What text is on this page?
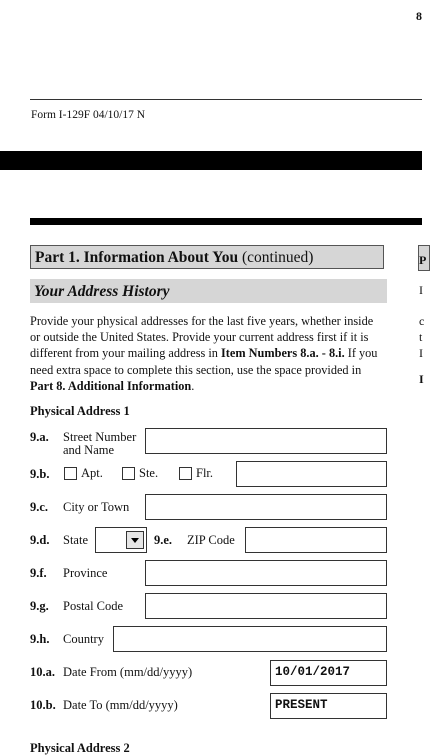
8
Form I-129F 04/10/17 N
Part 1. Information About You (continued)
Your Address History
Provide your physical addresses for the last five years, whether inside or outside the United States. Provide your current address first if it is different from your mailing address in Item Numbers 8.a. - 8.i. If you need extra space to complete this section, use the space provided in Part 8. Additional Information.
P
I
c
t
I
I
Physical Address 1
9.a. Street Number
and Name
9.b.	Apt.	Ste.	Flr.
9.c. City or Town
9.d. State	9.e. ZIP Code
9.f. Province
9.g. Postal Code
9.h. Country
10.a. Date From (mm/dd/yyyy)	10/01/2017
10.b. Date To (mm/dd/yyyy)	PRESENT
Physical Address 2
